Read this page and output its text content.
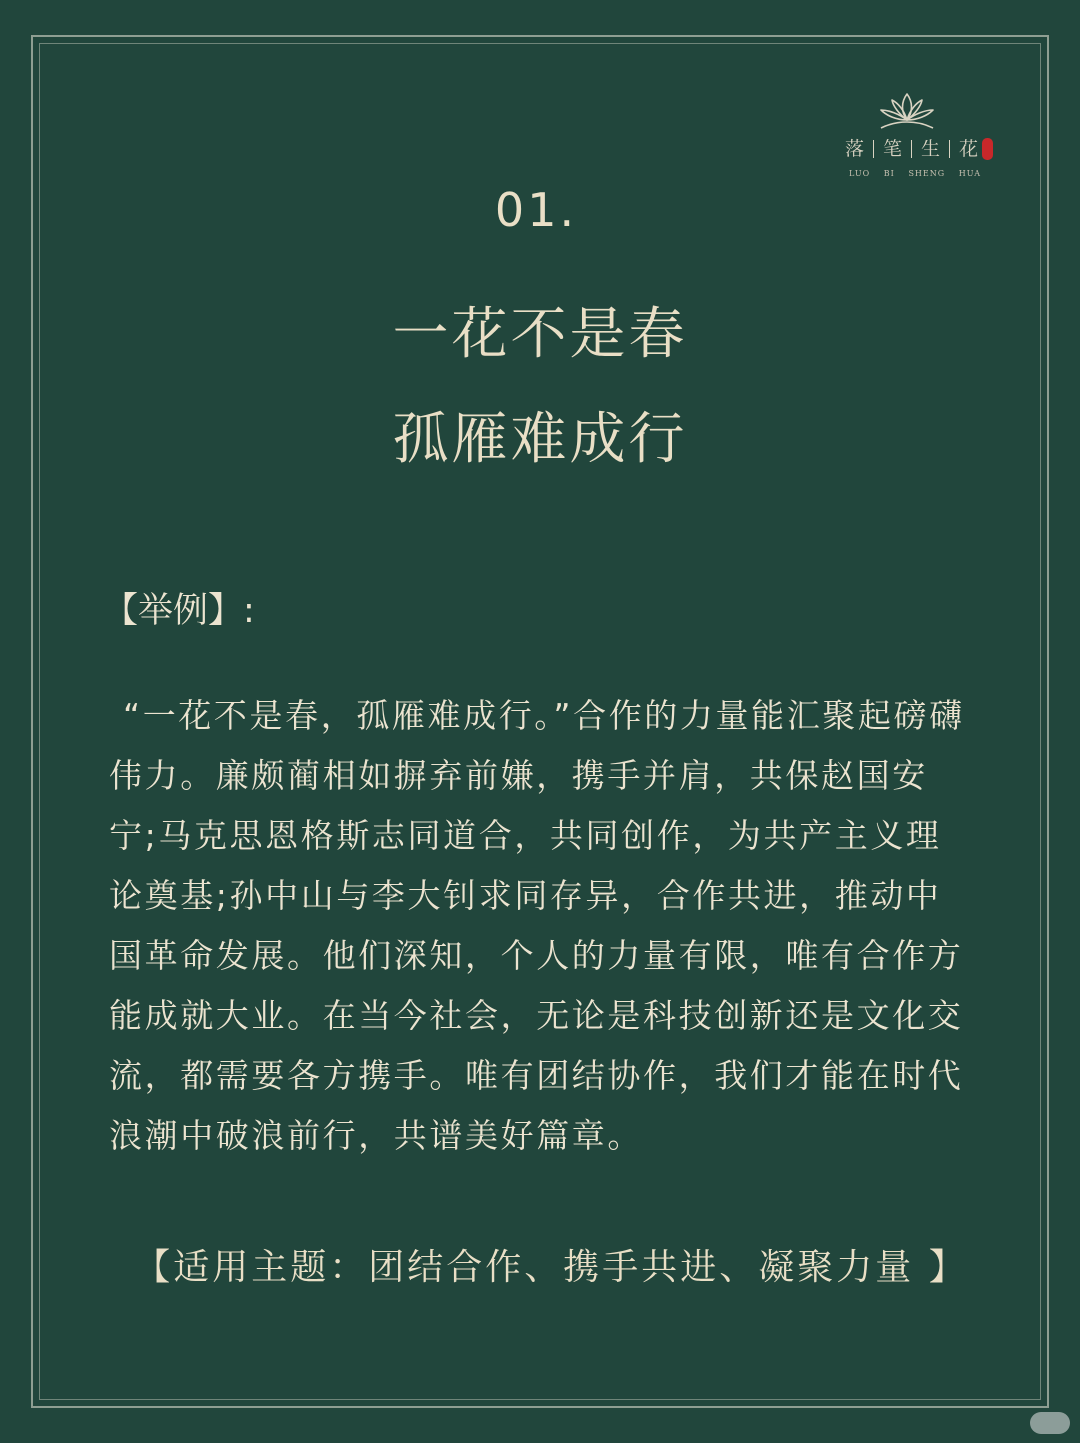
落 笔 生 花
LUO BI SHENG HUA
01.
一花不是春
孤雁难成行
【举例】:

“一花不是春，孤雁难成行。”合作的力量能汇聚起磅礴伟力。廉颇蔺相如摒弃前嫌，携手并肩，共保赵国安宁;马克思恩格斯志同道合，共同创作，为共产主义理论奠基;孙中山与李大钊求同存异，合作共进，推动中国革命发展。他们深知，个人的力量有限，唯有合作方能成就大业。在当今社会，无论是科技创新还是文化交流，都需要各方携手。唯有团结协作，我们才能在时代浪潮中破浪前行，共谱美好篇章。

【适用主题：团结合作、携手共进、凝聚力量 】
